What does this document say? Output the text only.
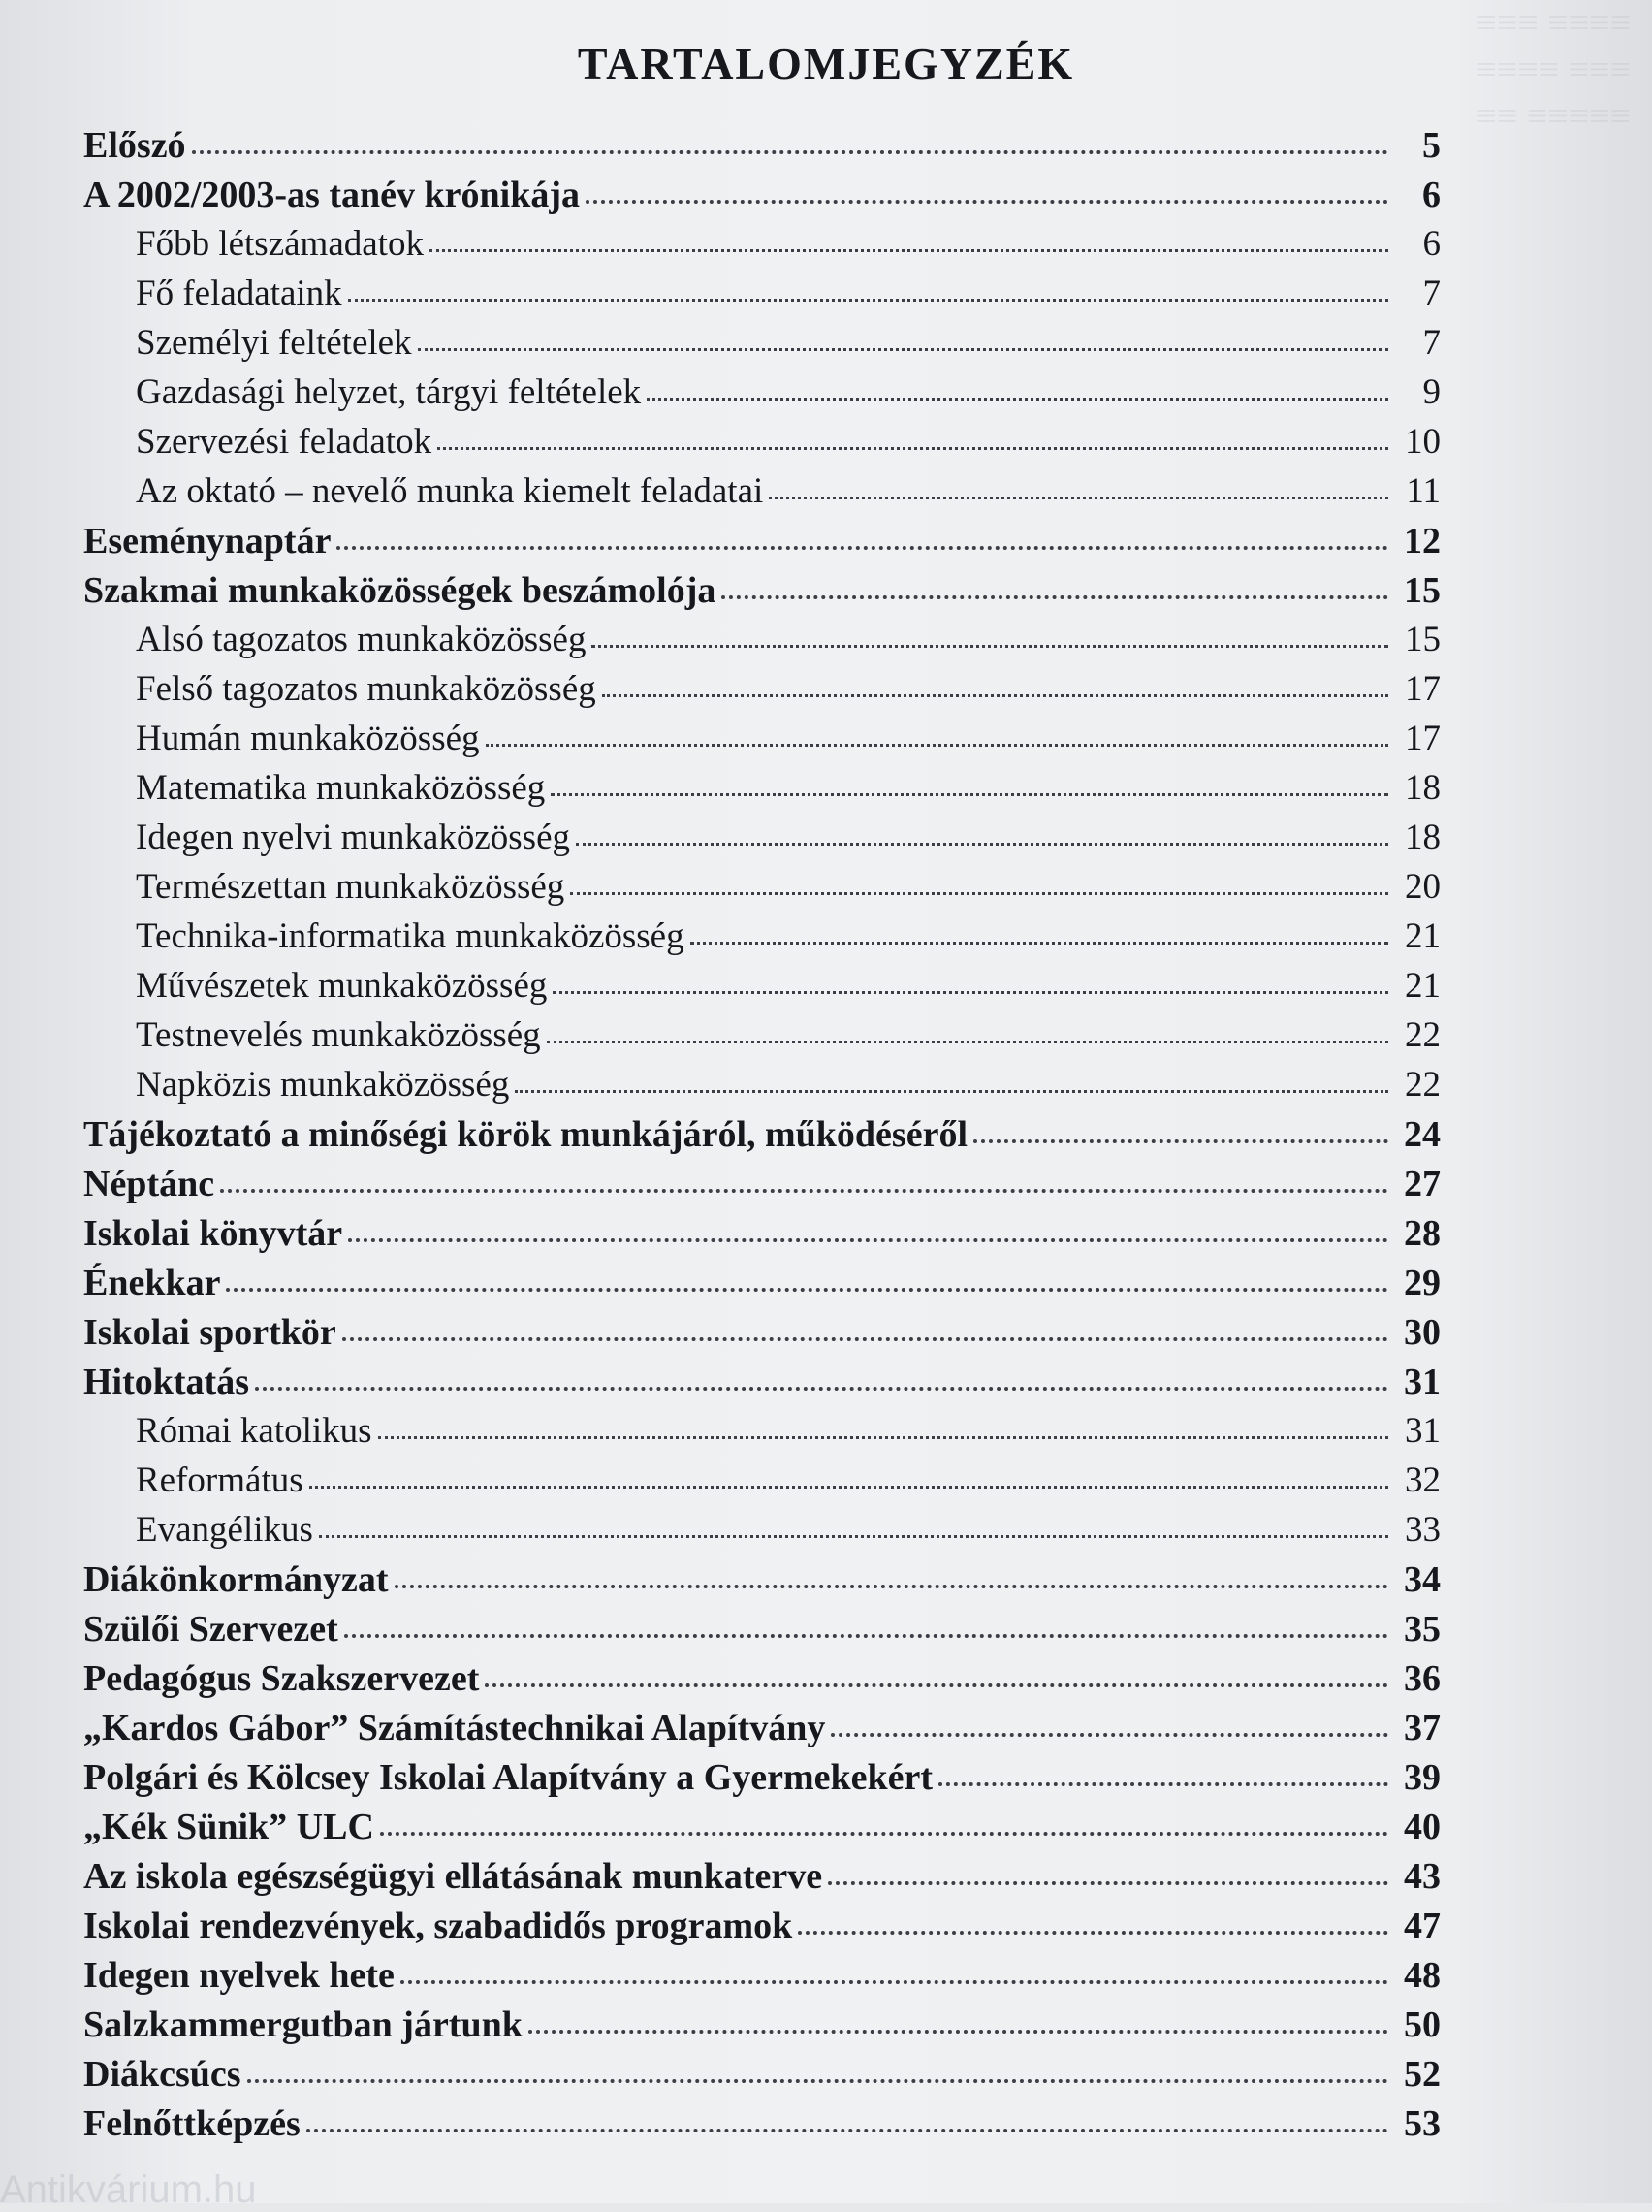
≡≡≡ ≡≡≡≡
≡≡≡≡ ≡≡≡
≡≡ ≡≡≡≡≡
TARTALOMJEGYZÉK
Előszó	5
A 2002/2003-as tanév krónikája	6
Főbb létszámadatok	6
Fő feladataink	7
Személyi feltételek	7
Gazdasági helyzet, tárgyi feltételek	9
Szervezési feladatok	10
Az oktató – nevelő munka kiemelt feladatai	11
Eseménynaptár	12
Szakmai munkaközösségek beszámolója	15
Alsó tagozatos munkaközösség	15
Felső tagozatos munkaközösség	17
Humán munkaközösség	17
Matematika munkaközösség	18
Idegen nyelvi munkaközösség	18
Természettan munkaközösség	20
Technika-informatika munkaközösség	21
Művészetek munkaközösség	21
Testnevelés munkaközösség	22
Napközis munkaközösség	22
Tájékoztató a minőségi körök munkájáról, működéséről	24
Néptánc	27
Iskolai könyvtár	28
Énekkar	29
Iskolai sportkör	30
Hitoktatás	31
Római katolikus	31
Református	32
Evangélikus	33
Diákönkormányzat	34
Szülői Szervezet	35
Pedagógus Szakszervezet	36
„Kardos Gábor” Számítástechnikai Alapítvány	37
Polgári és Kölcsey Iskolai Alapítvány a Gyermekekért	39
„Kék Sünik” ULC	40
Az iskola egészségügyi ellátásának munkaterve	43
Iskolai rendezvények, szabadidős programok	47
Idegen nyelvek hete	48
Salzkammergutban jártunk	50
Diákcsúcs	52
Felnőttképzés	53
Antikvárium.hu
